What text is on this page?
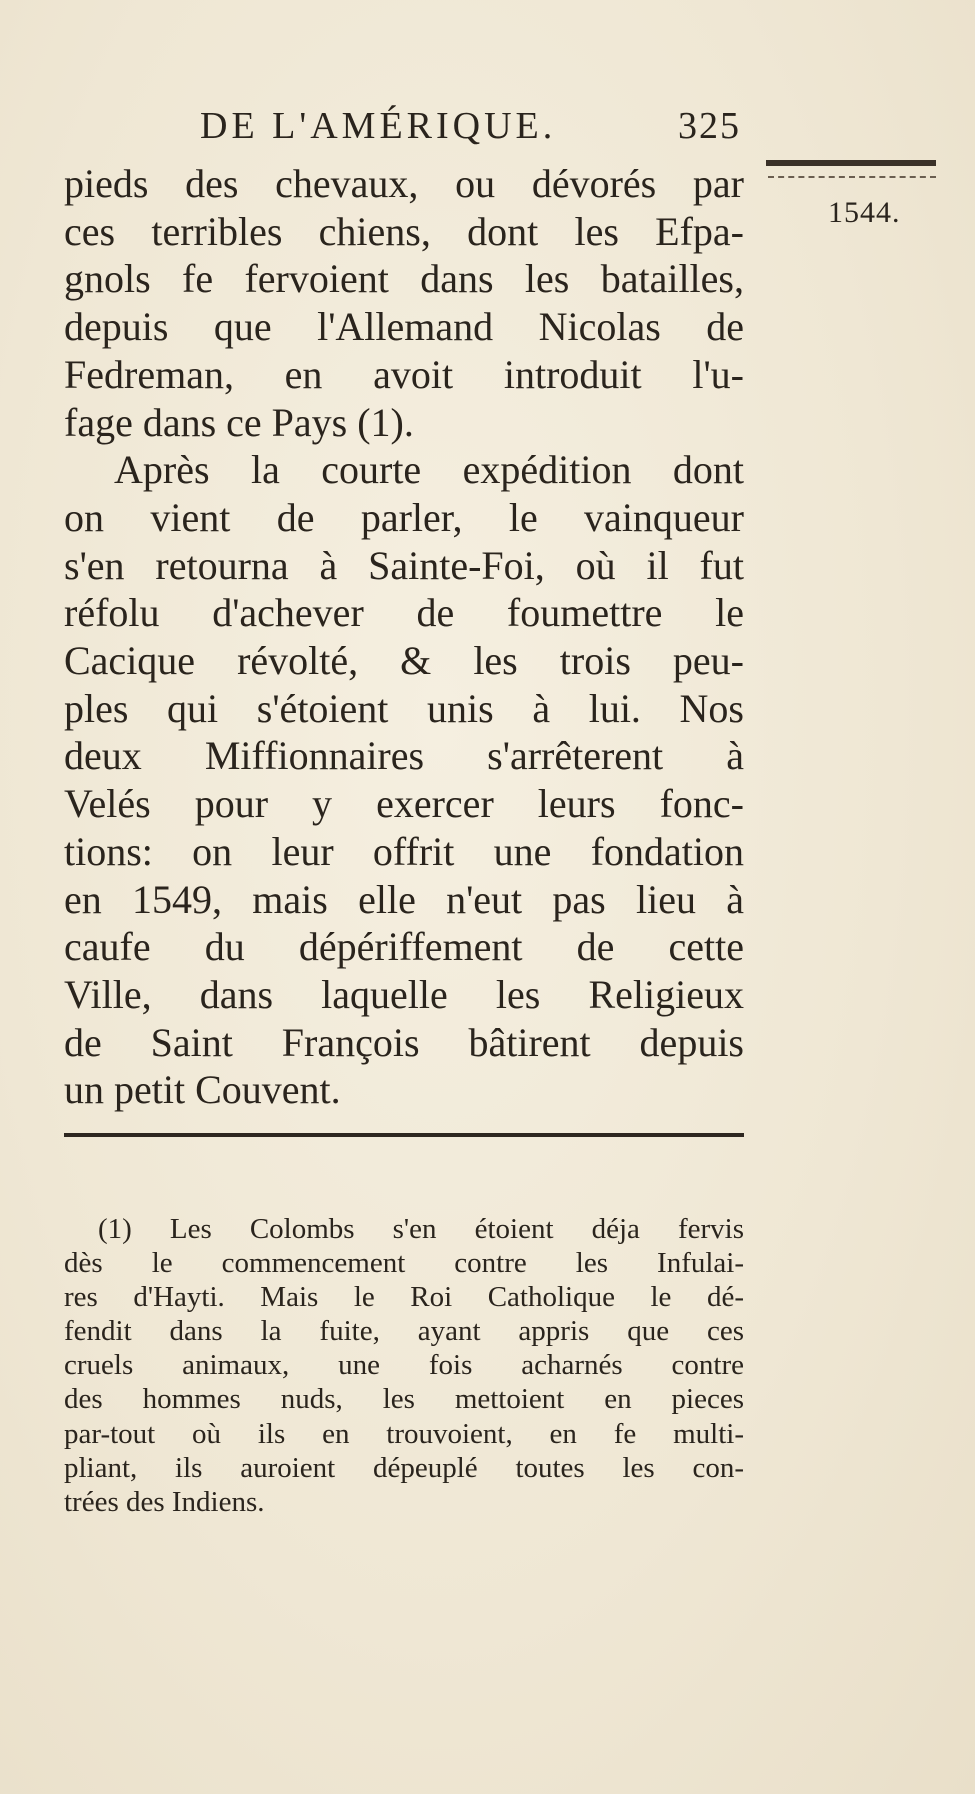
DE L'AMÉRIQUE.	325
1544.
pieds des chevaux, ou dévorés par
ces terribles chiens, dont les Efpa-
gnols fe fervoient dans les batailles,
depuis que l'Allemand Nicolas de
Fedreman, en avoit introduit l'u-
fage dans ce Pays (1).
Après la courte expédition dont
on vient de parler, le vainqueur
s'en retourna à Sainte-Foi, où il fut
réfolu d'achever de foumettre le
Cacique révolté, & les trois peu-
ples qui s'étoient unis à lui. Nos
deux Miffionnaires s'arrêterent à
Velés pour y exercer leurs fonc-
tions: on leur offrit une fondation
en 1549, mais elle n'eut pas lieu à
caufe du dépériffement de cette
Ville, dans laquelle les Religieux
de Saint François bâtirent depuis
un petit Couvent.
(1) Les Colombs s'en étoient déja fervis
dès le commencement contre les Infulai-
res d'Hayti. Mais le Roi Catholique le dé-
fendit dans la fuite, ayant appris que ces
cruels animaux, une fois acharnés contre
des hommes nuds, les mettoient en pieces
par-tout où ils en trouvoient, en fe multi-
pliant, ils auroient dépeuplé toutes les con-
trées des Indiens.
